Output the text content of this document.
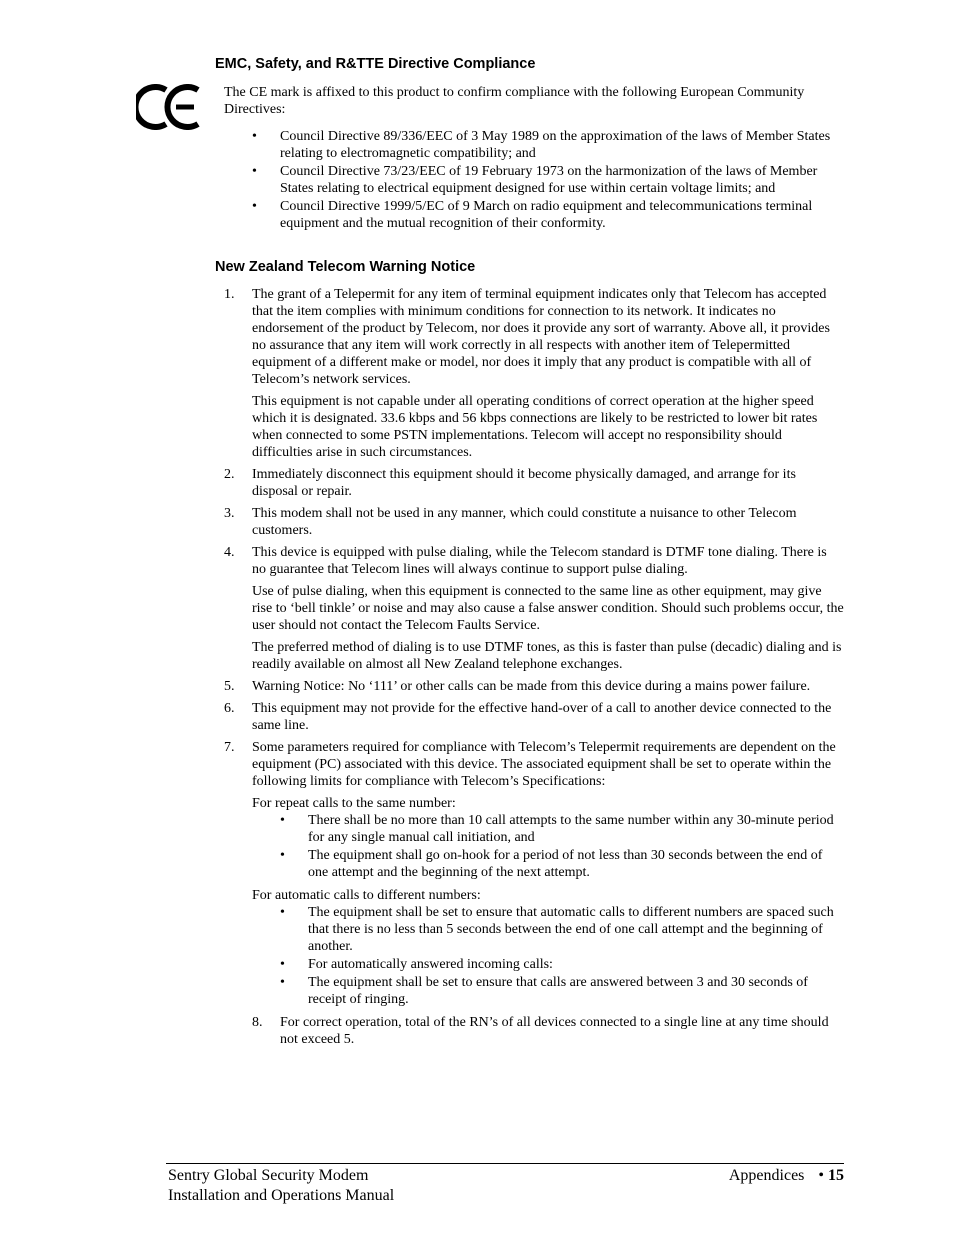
EMC, Safety, and R&TTE Directive Compliance
The CE mark is affixed to this product to confirm compliance with the following European Community Directives:
• Council Directive 89/336/EEC of 3 May 1989 on the approximation of the laws of Member States relating to electromagnetic compatibility; and
• Council Directive 73/23/EEC of 19 February 1973 on the harmonization of the laws of Member States relating to electrical equipment designed for use within certain voltage limits; and
• Council Directive 1999/5/EC of 9 March on radio equipment and telecommunications terminal equipment and the mutual recognition of their conformity.
New Zealand Telecom Warning Notice
1. The grant of a Telepermit for any item of terminal equipment indicates only that Telecom has accepted that the item complies with minimum conditions for connection to its network. It indicates no endorsement of the product by Telecom, nor does it provide any sort of warranty. Above all, it provides no assurance that any item will work correctly in all respects with another item of Telepermitted equipment of a different make or model, nor does it imply that any product is compatible with all of Telecom’s network services.

This equipment is not capable under all operating conditions of correct operation at the higher speed which it is designated. 33.6 kbps and 56 kbps connections are likely to be restricted to lower bit rates when connected to some PSTN implementations. Telecom will accept no responsibility should difficulties arise in such circumstances.

2. Immediately disconnect this equipment should it become physically damaged, and arrange for its disposal or repair.

3. This modem shall not be used in any manner, which could constitute a nuisance to other Telecom customers.

4. This device is equipped with pulse dialing, while the Telecom standard is DTMF tone dialing. There is no guarantee that Telecom lines will always continue to support pulse dialing.

Use of pulse dialing, when this equipment is connected to the same line as other equipment, may give rise to ‘bell tinkle’ or noise and may also cause a false answer condition. Should such problems occur, the user should not contact the Telecom Faults Service.

The preferred method of dialing is to use DTMF tones, as this is faster than pulse (decadic) dialing and is readily available on almost all New Zealand telephone exchanges.

5. Warning Notice: No ‘111’ or other calls can be made from this device during a mains power failure.

6. This equipment may not provide for the effective hand-over of a call to another device connected to the same line.

7. Some parameters required for compliance with Telecom’s Telepermit requirements are dependent on the equipment (PC) associated with this device. The associated equipment shall be set to operate within the following limits for compliance with Telecom’s Specifications:

For repeat calls to the same number:

• There shall be no more than 10 call attempts to the same number within any 30-minute period for any single manual call initiation, and
• The equipment shall go on-hook for a period of not less than 30 seconds between the end of one attempt and the beginning of the next attempt.

For automatic calls to different numbers:

• The equipment shall be set to ensure that automatic calls to different numbers are spaced such that there is no less than 5 seconds between the end of one call attempt and the beginning of another.
• For automatically answered incoming calls:
• The equipment shall be set to ensure that calls are answered between 3 and 30 seconds of receipt of ringing.
8. For correct operation, total of the RN’s of all devices connected to a single line at any time should not exceed 5.

Sentry Global Security Modem
Installation and Operations Manual
Appendices • 15
